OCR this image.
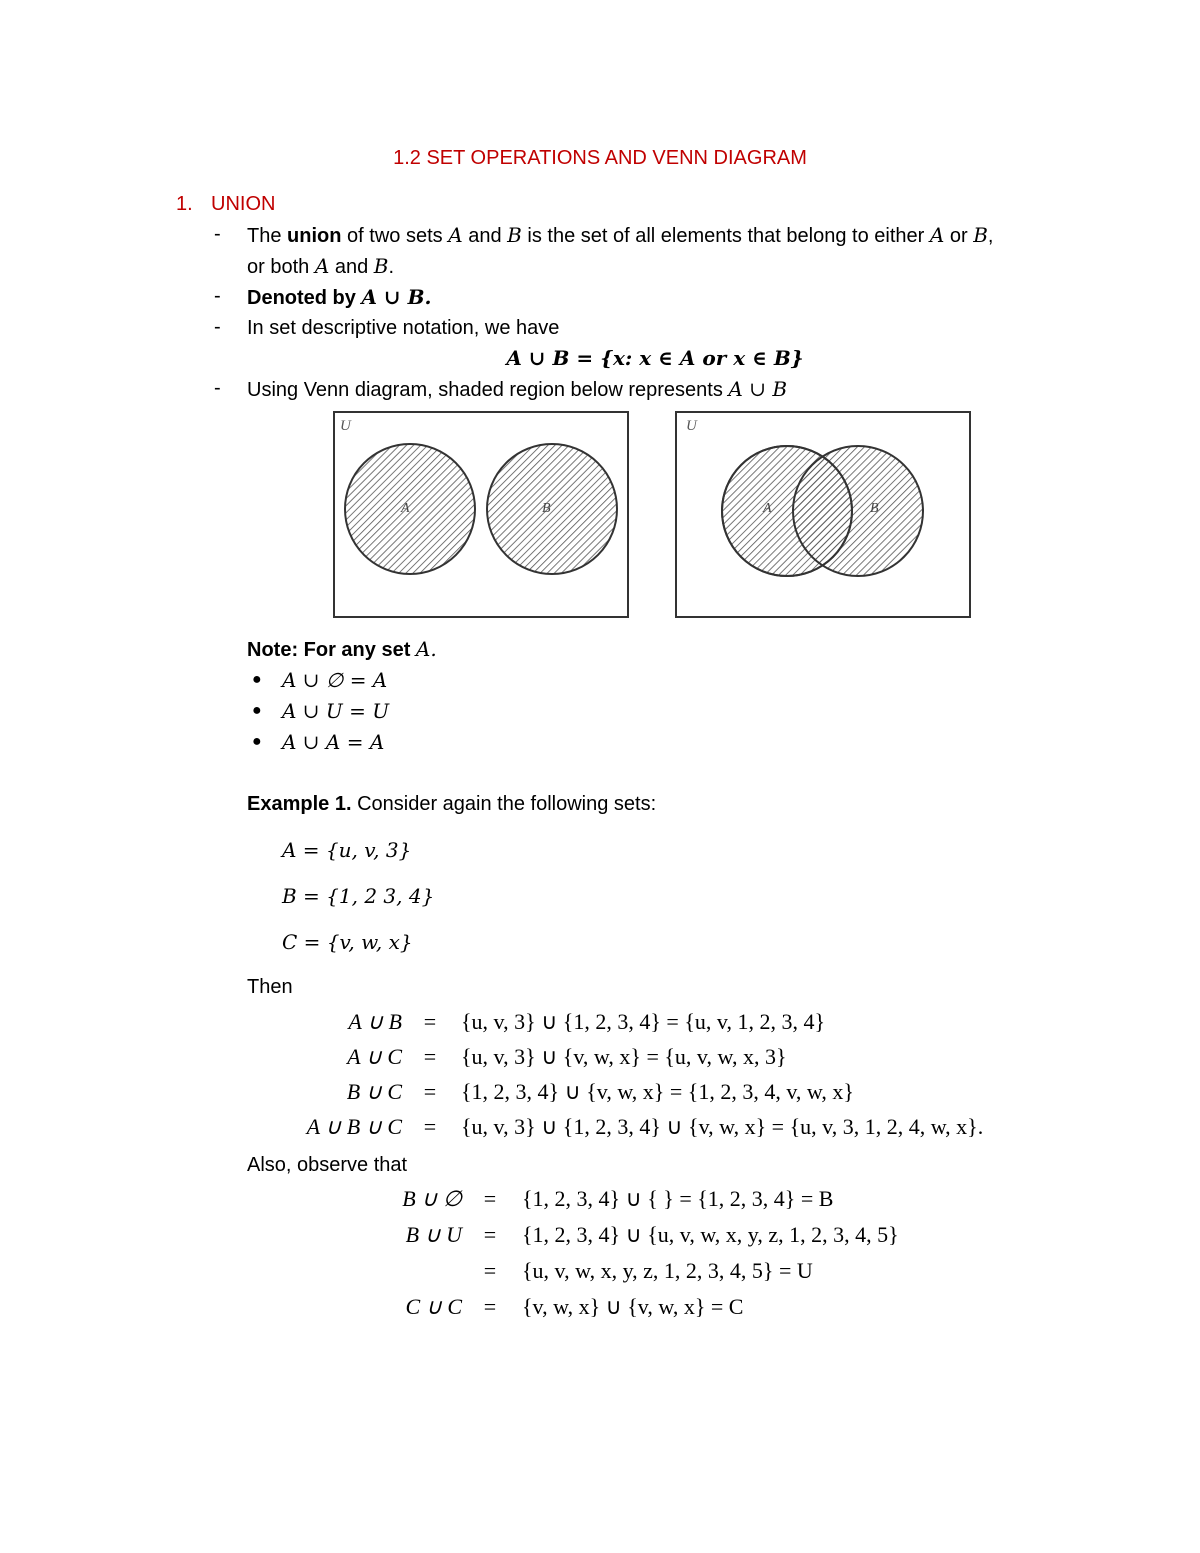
1.2 SET OPERATIONS AND VENN DIAGRAM
1. UNION
- The union of two sets A and B is the set of all elements that belong to either A or B,
or both A and B.
- Denoted by A ∪ B.
- In set descriptive notation, we have
A ∪ B = {x: x ∈ A or x ∈ B}
- Using Venn diagram, shaded region below represents A ∪ B
U
A	B
U
A	B
Note: For any set A.
● A ∪ ∅ = A
● A ∪ U = U
● A ∪ A = A
Example 1. Consider again the following sets:
A = {u, v, 3}
B = {1, 2 3, 4}
C = {v, w, x}
Then
A ∪ B = {u, v, 3} ∪ {1, 2, 3, 4} = {u, v, 1, 2, 3, 4}
A ∪ C = {u, v, 3} ∪ {v, w, x} = {u, v, w, x, 3}
B ∪ C = {1, 2, 3, 4} ∪ {v, w, x} = {1, 2, 3, 4, v, w, x}
A ∪ B ∪ C = {u, v, 3} ∪ {1, 2, 3, 4} ∪ {v, w, x} = {u, v, 3, 1, 2, 4, w, x}.
Also, observe that
B ∪ ∅ = {1, 2, 3, 4} ∪ { } = {1, 2, 3, 4} = B
B ∪ U = {1, 2, 3, 4} ∪ {u, v, w, x, y, z, 1, 2, 3, 4, 5}
= {u, v, w, x, y, z, 1, 2, 3, 4, 5} = U
C ∪ C = {v, w, x} ∪ {v, w, x} = C
